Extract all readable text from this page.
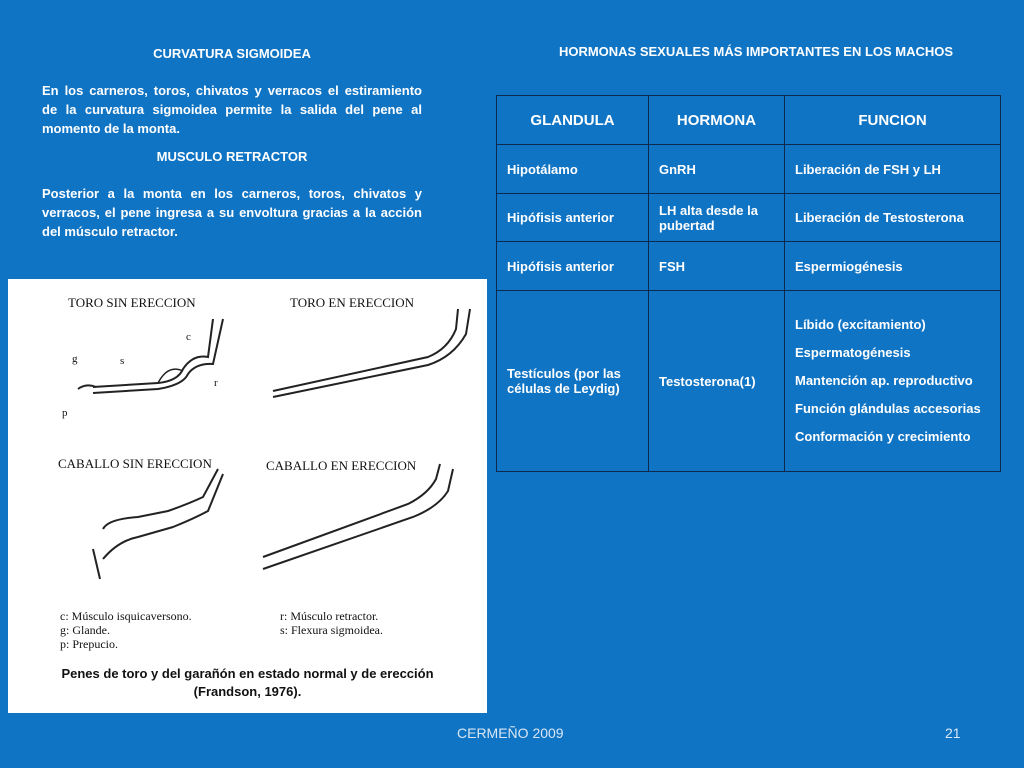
CURVATURA SIGMOIDEA

En los carneros, toros, chivatos y verracos el estiramiento de la curvatura sigmoidea permite la salida del pene al momento de la monta.

MUSCULO RETRACTOR

Posterior a la monta en los carneros, toros, chivatos y verracos, el pene ingresa a su envoltura gracias a la acción del músculo retractor.

TORO SIN ERECCION	TORO EN ERECCION
CABALLO SIN ERECCION	CABALLO EN ERECCION
c
g	s
r
p
c: Músculo isquicaversono.
g: Glande.
p: Prepucio.
r: Músculo retractor.
s: Flexura sigmoidea.
Penes de toro y del garañón en estado normal y de erección
(Frandson, 1976).
HORMONAS SEXUALES MÁS IMPORTANTES EN LOS MACHOS
GLANDULA	HORMONA	FUNCION
Hipotálamo	GnRH	Liberación de FSH y LH
Hipófisis anterior	LH alta desde la pubertad	Liberación de Testosterona
Hipófisis anterior	FSH	Espermiogénesis
Testículos (por las células de Leydig)	Testosterona(1)	Líbido (excitamiento)
Espermatogénesis
Mantención ap. reproductivo
Función glándulas accesorias
Conformación y crecimiento
CERMEÑO 2009	21
